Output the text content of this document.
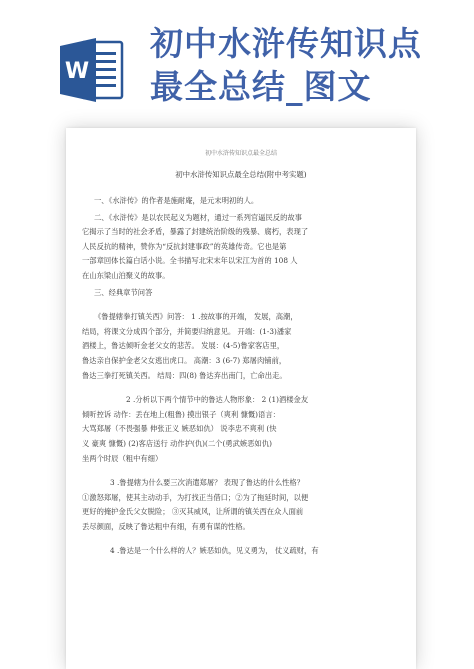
W
初中水浒传知识点
最全总结_图文
初中水浒传知识点最全总结
初中水浒传知识点最全总结(附中考实题)
一、《水浒传》的作者是施耐庵，是元末明初的人。
二、《水浒传》是以农民起义为题材，通过一系列官逼民反的故事
它揭示了当时的社会矛盾，暴露了封建统治阶级的残暴、腐朽，表现了
人民反抗的精神，赞你为“反抗封建事政”的英雄传奇。它也是第
一部章回体长篇白话小说。全书描写北宋末年以宋江为首的 108 人
在山东梁山泊聚义的故事。
三、经典章节问答
《鲁提辖拳打镇关西》问答： 1 .按故事的开端， 发展，高潮，
结局，将课文分成四个部分，并简要归纳意见。 开端：(1-3)潘家
酒楼上，鲁达倾听金老父女的悲苦。 发展：(4-5)鲁家客店里，
鲁达亲自保护金老父女逃出虎口。 高潮：3 (6-7) 郑屠肉铺前，
鲁达三拳打死镇关西。 结局：四(8) 鲁达弃出南门，亡命出走。
2 .分析以下两个情节中的鲁达人物形象： 2 (1)酒楼金友
倾听控诉 动作：丢在地上(粗鲁) 摸出银子（爽利 慷慨)语言：
大骂郑屠（不畏强暴 伸张正义 嫉恶如仇） 说李忠不爽利 (快
义 豪爽 慷慨) (2)客店送行 动作护(仇)(二个(勇武嫉恶如仇)
坐两个时辰（粗中有细）
3 .鲁提辖为什么要三次消遣郑屠？ 表现了鲁达的什么性格？
①激怒郑屠，使其主动动手，为打找正当借口；②为了拖延时间，以便
更好的掩护金氏父女脱险； ③灭其威风，让所谓的镇关西在众人面前
丢尽颜面，反映了鲁达粗中有细，有勇有谋的性格。
4 .鲁达是一个什么样的人？嫉恶如仇，见义勇为， 仗义疏财，有
